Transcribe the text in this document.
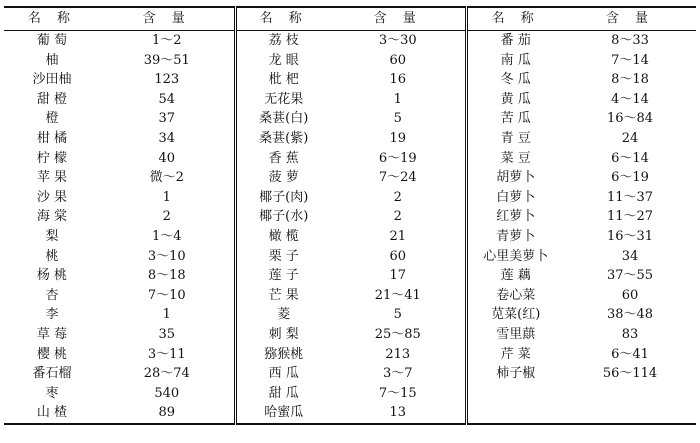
名 称	含 量	名 称	含 量	名 称	含 量
葡 萄	1～2	荔 枝	3～30	番 茄	8～33
柚	39～51	龙 眼	60	南 瓜	7～14
沙田柚	123	枇 杷	16	冬 瓜	8～18
甜 橙	54	无花果	1	黄 瓜	4～14
橙	37	桑葚(白)	5	苦 瓜	16～84
柑 橘	34	桑葚(紫)	19	青 豆	24
柠 檬	40	香 蕉	6～19	菜 豆	6～14
苹 果	微～2	菠 萝	7～24	胡萝卜	6～19
沙 果	1	椰子(肉)	2	白萝卜	11～37
海 棠	2	椰子(水)	2	红萝卜	11～27
梨	1～4	橄 榄	21	青萝卜	16～31
桃	3～10	栗 子	60	心里美萝卜	34
杨 桃	8～18	莲 子	17	莲 藕	37～55
杏	7～10	芒 果	21～41	卷心菜	60
李	1	菱	5	苋菜(红)	38～48
草 莓	35	刺 梨	25～85	雪里蕻	83
樱 桃	3～11	猕猴桃	213	芹 菜	6～41
番石榴	28～74	西 瓜	3～7	柿子椒	56～114
枣	540	甜 瓜	7～15		
山 楂	89	哈蜜瓜	13		
